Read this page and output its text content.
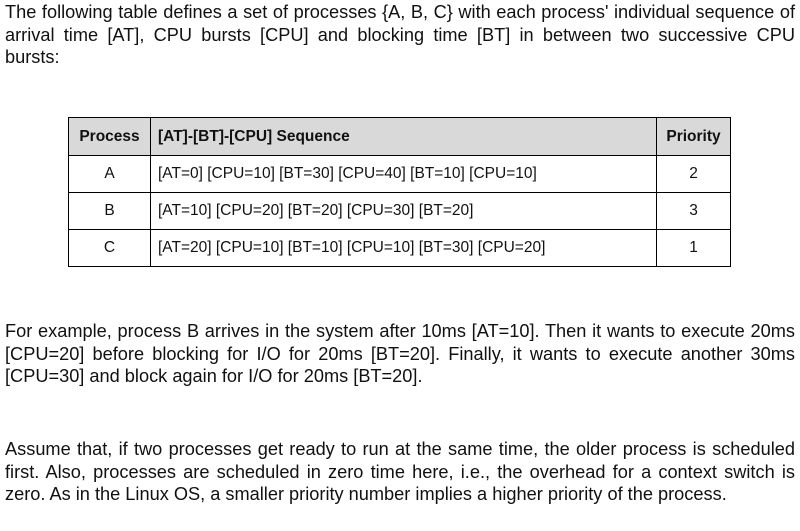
The following table defines a set of processes {A, B, C} with each process' individual sequence of arrival time [AT], CPU bursts [CPU] and blocking time [BT] in between two successive CPU bursts:

Process	[AT]-[BT]-[CPU] Sequence	Priority
A	[AT=0] [CPU=10] [BT=30] [CPU=40] [BT=10] [CPU=10]	2
B	[AT=10] [CPU=20] [BT=20] [CPU=30] [BT=20]	3
C	[AT=20] [CPU=10] [BT=10] [CPU=10] [BT=30] [CPU=20]	1

For example, process B arrives in the system after 10ms [AT=10]. Then it wants to execute 20ms [CPU=20] before blocking for I/O for 20ms [BT=20]. Finally, it wants to execute another 30ms [CPU=30] and block again for I/O for 20ms [BT=20].

Assume that, if two processes get ready to run at the same time, the older process is scheduled first. Also, processes are scheduled in zero time here, i.e., the overhead for a context switch is zero. As in the Linux OS, a smaller priority number implies a higher priority of the process.
